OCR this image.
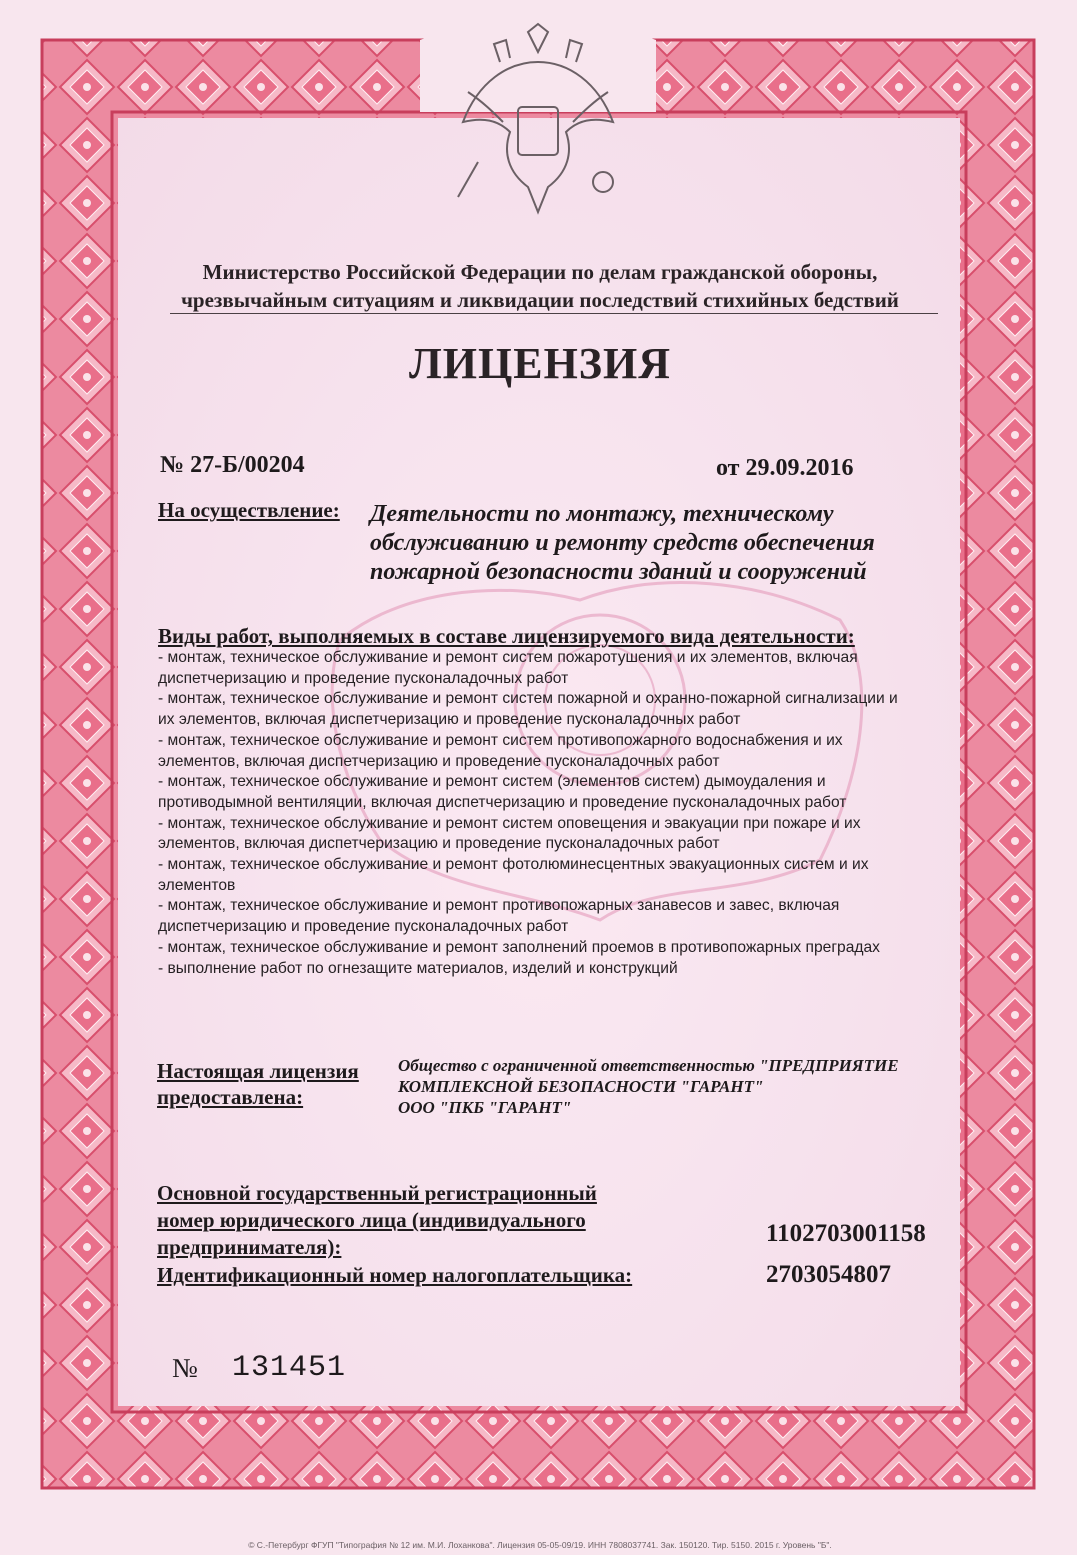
Министерство Российской Федерации по делам гражданской обороны,
чрезвычайным ситуациям и ликвидации последствий стихийных бедствий
ЛИЦЕНЗИЯ
№ 27-Б/00204	от 29.09.2016
На осуществление: Деятельности по монтажу, техническому
обслуживанию и ремонту средств обеспечения
пожарной безопасности зданий и сооружений
Виды работ, выполняемых в составе лицензируемого вида деятельности:
- монтаж, техническое обслуживание и ремонт систем пожаротушения и их элементов, включая
диспетчеризацию и проведение пусконаладочных работ
- монтаж, техническое обслуживание и ремонт систем пожарной и охранно-пожарной сигнализации и
их элементов, включая диспетчеризацию и проведение пусконаладочных работ
- монтаж, техническое обслуживание и ремонт систем противопожарного водоснабжения и их
элементов, включая диспетчеризацию и проведение пусконаладочных работ
- монтаж, техническое обслуживание и ремонт систем (элементов систем) дымоудаления и
противодымной вентиляции, включая диспетчеризацию и проведение пусконаладочных работ
- монтаж, техническое обслуживание и ремонт систем оповещения и эвакуации при пожаре и их
элементов, включая диспетчеризацию и проведение пусконаладочных работ
- монтаж, техническое обслуживание и ремонт фотолюминесцентных эвакуационных систем и их
элементов
- монтаж, техническое обслуживание и ремонт противопожарных занавесов и завес, включая
диспетчеризацию и проведение пусконаладочных работ
- монтаж, техническое обслуживание и ремонт заполнений проемов в противопожарных преградах
- выполнение работ по огнезащите материалов, изделий и конструкций
Настоящая лицензия
предоставлена:
Общество с ограниченной ответственностью "ПРЕДПРИЯТИЕ
КОМПЛЕКСНОЙ БЕЗОПАСНОСТИ "ГАРАНТ"
ООО "ПКБ "ГАРАНТ"
Основной государственный регистрационный
номер юридического лица (индивидуального
предпринимателя):	1102703001158
Идентификационный номер налогоплательщика:	2703054807
№ 131451
© С.-Петербург ФГУП "Типография № 12 им. М.И. Лоханкова". Лицензия 05-05-09/19. ИНН 7808037741. Зак. 150120. Тир. 5150. 2015 г. Уровень "Б".
